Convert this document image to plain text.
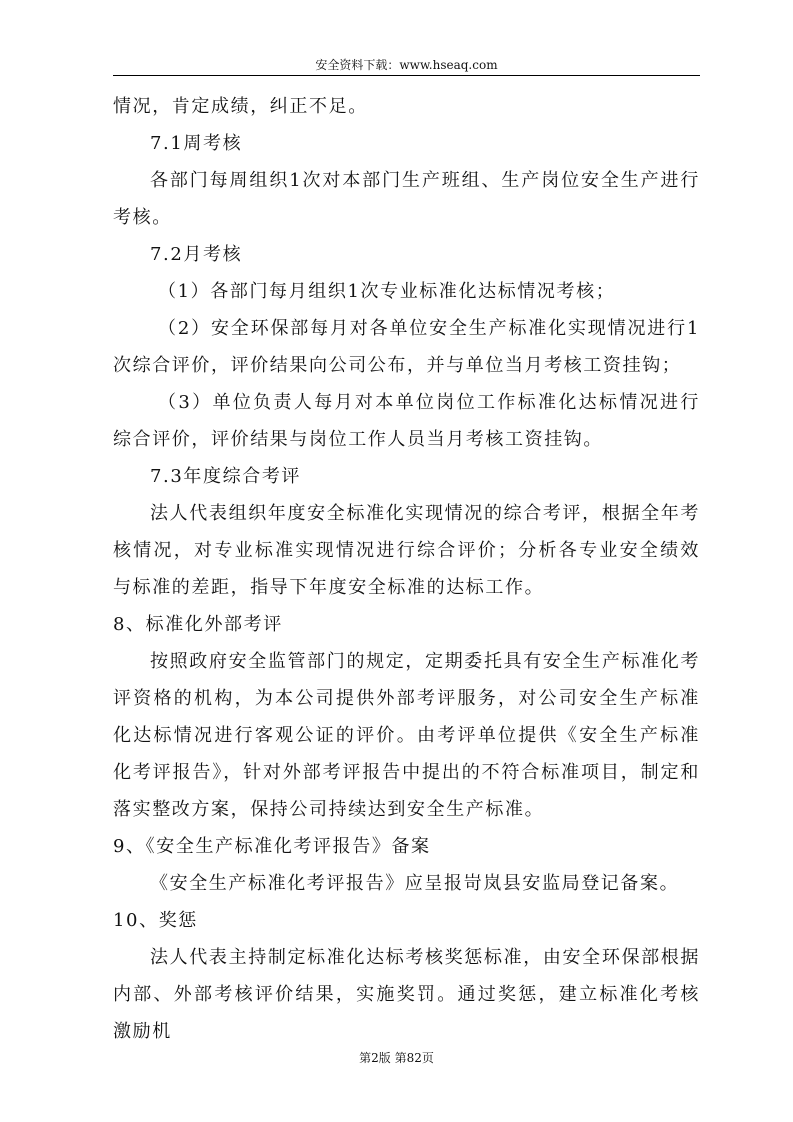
安全资料下载：www.hseaq.com

情况，肯定成绩，纠正不足。

7.1周考核

各部门每周组织1次对本部门生产班组、生产岗位安全生产进行考核。

7.2月考核

（1）各部门每月组织1次专业标准化达标情况考核；

（2）安全环保部每月对各单位安全生产标准化实现情况进行1次综合评价，评价结果向公司公布，并与单位当月考核工资挂钩；

（3）单位负责人每月对本单位岗位工作标准化达标情况进行综合评价，评价结果与岗位工作人员当月考核工资挂钩。

7.3年度综合考评

法人代表组织年度安全标准化实现情况的综合考评，根据全年考核情况，对专业标准实现情况进行综合评价；分析各专业安全绩效与标准的差距，指导下年度安全标准的达标工作。

8、标准化外部考评

按照政府安全监管部门的规定，定期委托具有安全生产标准化考评资格的机构，为本公司提供外部考评服务，对公司安全生产标准化达标情况进行客观公证的评价。由考评单位提供《安全生产标准化考评报告》，针对外部考评报告中提出的不符合标准项目，制定和落实整改方案，保持公司持续达到安全生产标准。

9、《安全生产标准化考评报告》备案

《安全生产标准化考评报告》应呈报岢岚县安监局登记备案。

10、奖惩

法人代表主持制定标准化达标考核奖惩标准，由安全环保部根据内部、外部考核评价结果，实施奖罚。通过奖惩，建立标准化考核激励机

第2版 第82页
